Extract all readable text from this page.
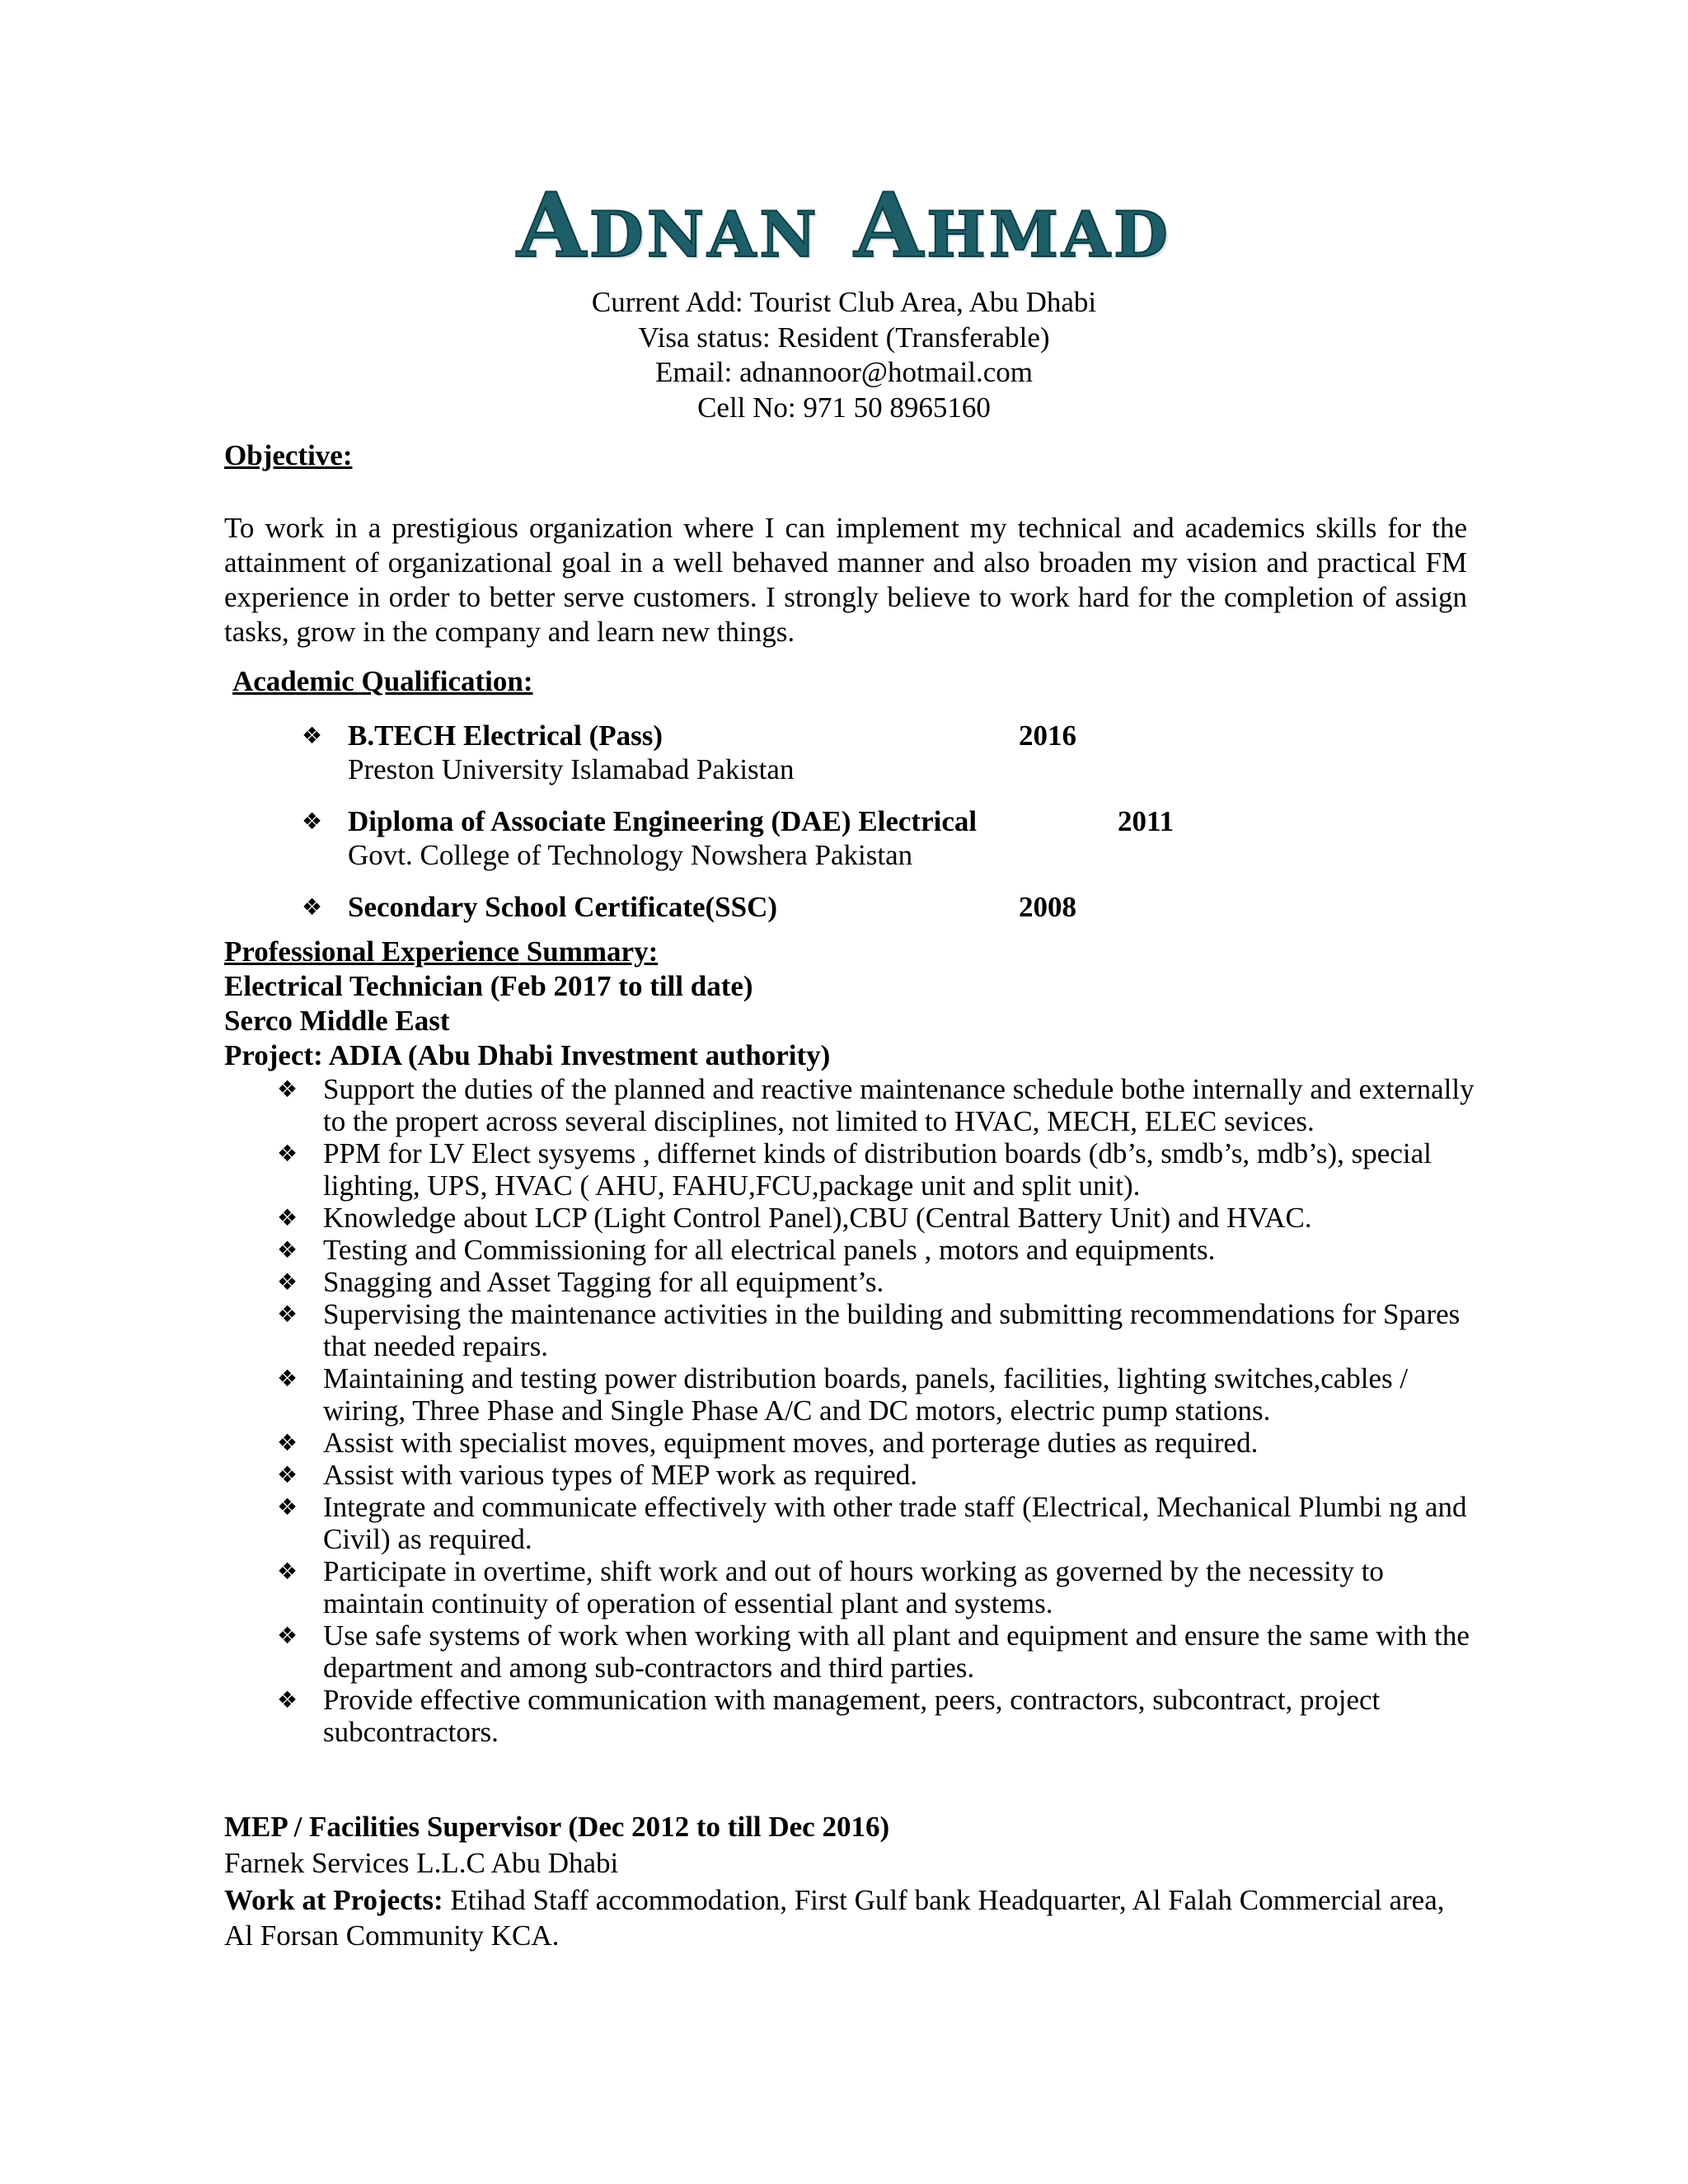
Adnan Ahmad
Current Add: Tourist Club Area, Abu Dhabi
Visa status: Resident (Transferable)
Email: adnannoor@hotmail.com
Cell No: 971 50 8965160
Objective:
To work in a prestigious organization where I can implement my technical and academics skills for the attainment of organizational goal in a well behaved manner and also broaden my vision and practical FM experience in order to better serve customers. I strongly believe to work hard for the completion of assign tasks, grow in the company and learn new things.
Academic Qualification:
❖ B.TECH Electrical (Pass)	2016
Preston University Islamabad Pakistan
❖ Diploma of Associate Engineering (DAE) Electrical	2011
Govt. College of Technology Nowshera Pakistan
❖ Secondary School Certificate(SSC)	2008
Professional Experience Summary:
Electrical Technician (Feb 2017 to till date)
Serco Middle East
Project: ADIA (Abu Dhabi Investment authority)
❖ Support the duties of the planned and reactive maintenance schedule bothe internally and externally to the propert across several disciplines, not limited to HVAC, MECH, ELEC sevices.
❖ PPM for LV Elect sysyems , differnet kinds of distribution boards (db’s, smdb’s, mdb’s), special lighting, UPS, HVAC ( AHU, FAHU,FCU,package unit and split unit).
❖ Knowledge about LCP (Light Control Panel),CBU (Central Battery Unit) and HVAC.
❖ Testing and Commissioning for all electrical panels , motors and equipments.
❖ Snagging and Asset Tagging for all equipment’s.
❖ Supervising the maintenance activities in the building and submitting recommendations for Spares that needed repairs.
❖ Maintaining and testing power distribution boards, panels, facilities, lighting switches,cables / wiring, Three Phase and Single Phase A/C and DC motors, electric pump stations.
❖ Assist with specialist moves, equipment moves, and porterage duties as required.
❖ Assist with various types of MEP work as required.
❖ Integrate and communicate effectively with other trade staff (Electrical, Mechanical Plumbi ng and Civil) as required.
❖ Participate in overtime, shift work and out of hours working as governed by the necessity to maintain continuity of operation of essential plant and systems.
❖ Use safe systems of work when working with all plant and equipment and ensure the same with the department and among sub-contractors and third parties.
❖ Provide effective communication with management, peers, contractors, subcontract, project subcontractors.
MEP / Facilities Supervisor (Dec 2012 to till Dec 2016)
Farnek Services L.L.C Abu Dhabi
Work at Projects: Etihad Staff accommodation, First Gulf bank Headquarter, Al Falah Commercial area, Al Forsan Community KCA.
